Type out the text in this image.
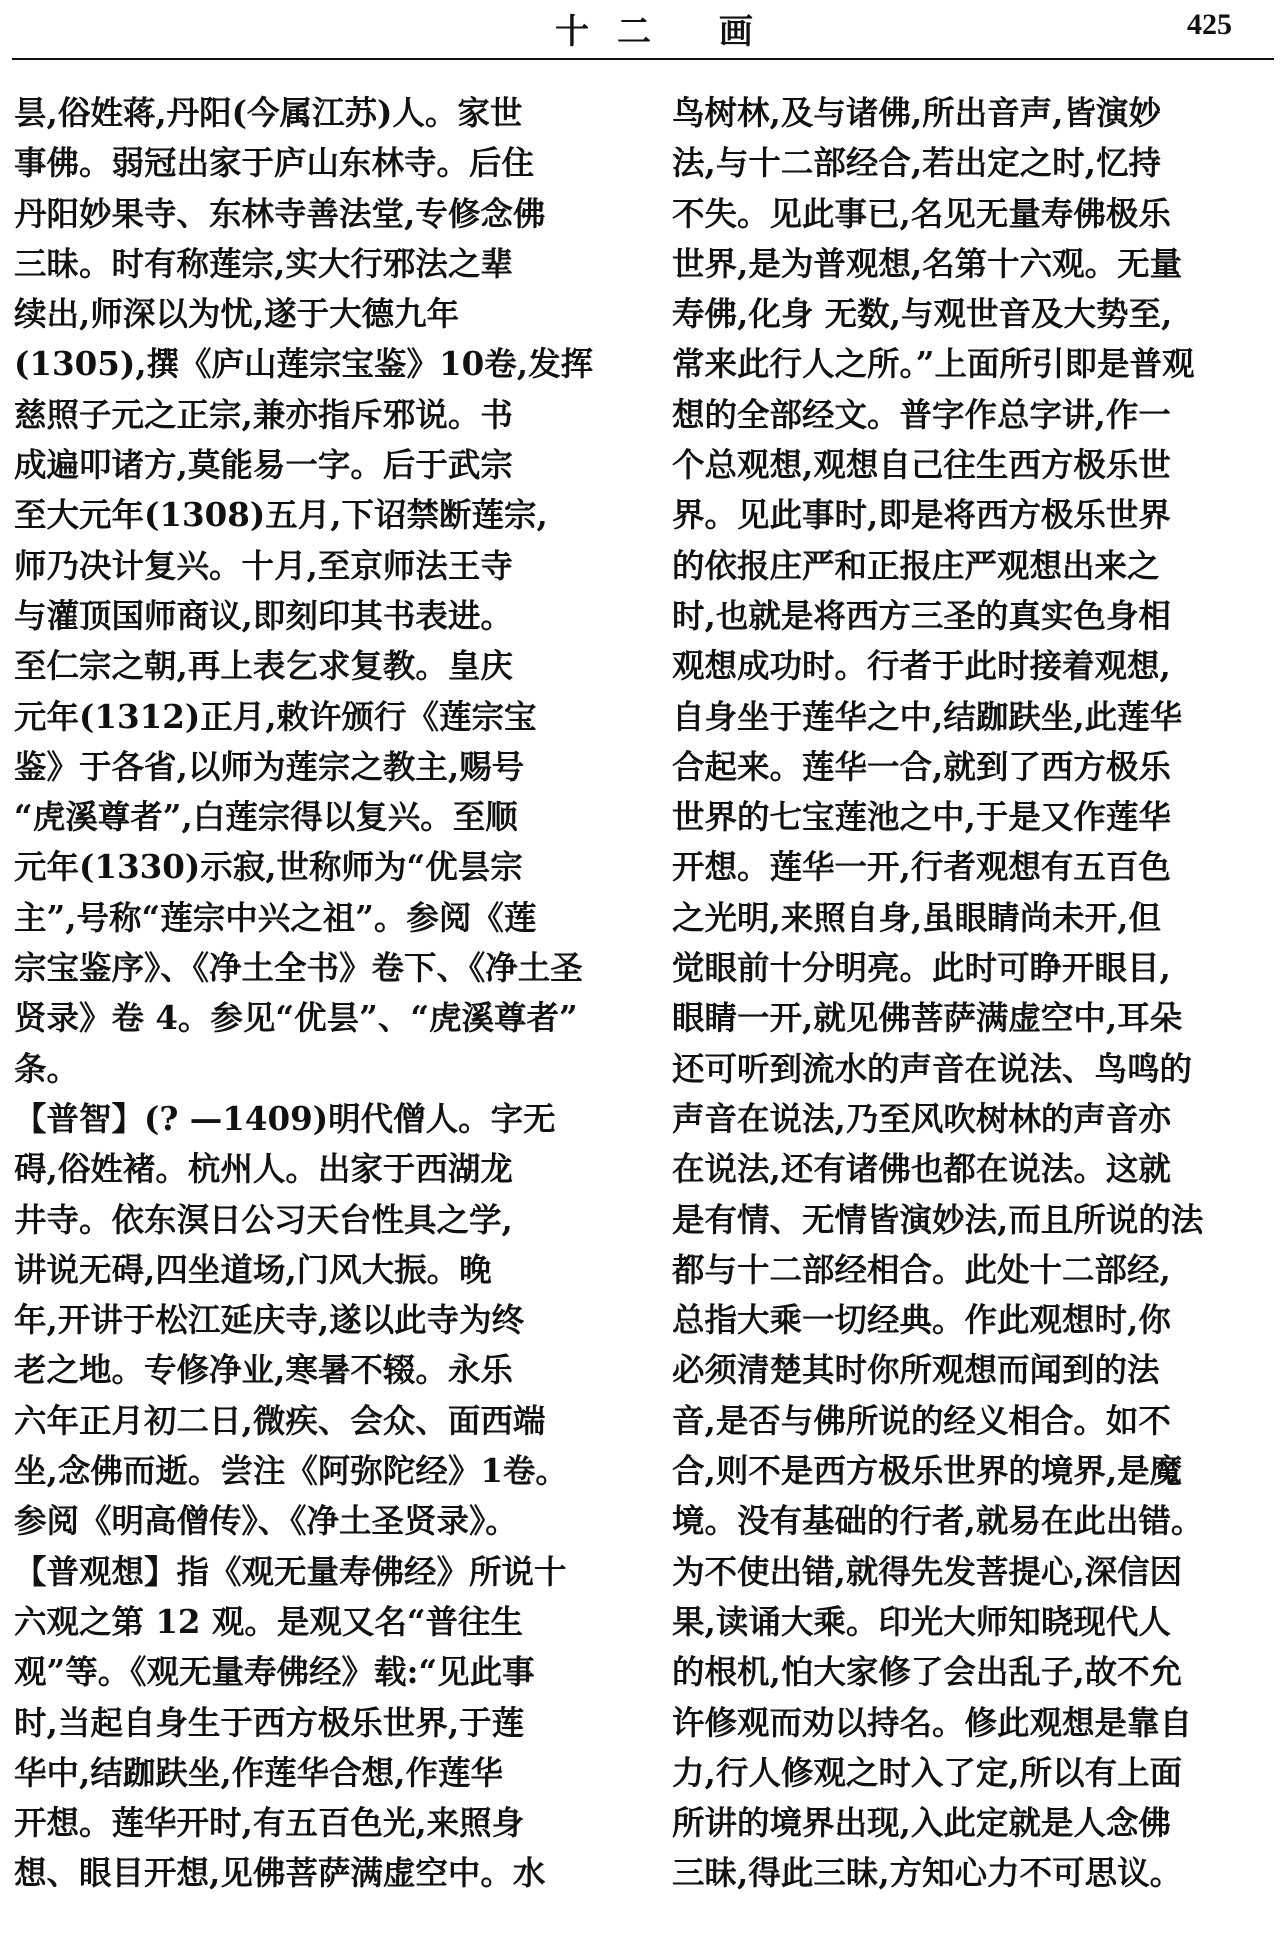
十二 画	425
昙,俗姓蒋,丹阳(今属江苏)人。家世
事佛。弱冠出家于庐山东林寺。后住
丹阳妙果寺、东林寺善法堂,专修念佛
三昧。时有称莲宗,实大行邪法之辈
续出,师深以为忧,遂于大德九年
(1305),撰《庐山莲宗宝鉴》10卷,发挥
慈照子元之正宗,兼亦指斥邪说。书
成遍叩诸方,莫能易一字。后于武宗
至大元年(1308)五月,下诏禁断莲宗,
师乃决计复兴。十月,至京师法王寺
与灌顶国师商议,即刻印其书表进。
至仁宗之朝,再上表乞求复教。皇庆
元年(1312)正月,敕许颁行《莲宗宝
鉴》于各省,以师为莲宗之教主,赐号
“虎溪尊者”,白莲宗得以复兴。至顺
元年(1330)示寂,世称师为“优昙宗
主”,号称“莲宗中兴之祖”。参阅《莲
宗宝鉴序》、《净土全书》卷下、《净土圣
贤录》卷 4。参见“优昙”、“虎溪尊者”
条。
【普智】(? —1409)明代僧人。字无
碍,俗姓褚。杭州人。出家于西湖龙
井寺。依东溟日公习天台性具之学,
讲说无碍,四坐道场,门风大振。晚
年,开讲于松江延庆寺,遂以此寺为终
老之地。专修净业,寒暑不辍。永乐
六年正月初二日,微疾、会众、面西端
坐,念佛而逝。尝注《阿弥陀经》1卷。
参阅《明高僧传》、《净土圣贤录》。
【普观想】指《观无量寿佛经》所说十
六观之第 12 观。是观又名“普往生
观”等。《观无量寿佛经》载:“见此事
时,当起自身生于西方极乐世界,于莲
华中,结跏趺坐,作莲华合想,作莲华
开想。莲华开时,有五百色光,来照身
想、眼目开想,见佛菩萨满虚空中。水
鸟树林,及与诸佛,所出音声,皆演妙
法,与十二部经合,若出定之时,忆持
不失。见此事已,名见无量寿佛极乐
世界,是为普观想,名第十六观。无量
寿佛,化身 无数,与观世音及大势至,
常来此行人之所。”上面所引即是普观
想的全部经文。普字作总字讲,作一
个总观想,观想自己往生西方极乐世
界。见此事时,即是将西方极乐世界
的依报庄严和正报庄严观想出来之
时,也就是将西方三圣的真实色身相
观想成功时。行者于此时接着观想,
自身坐于莲华之中,结跏趺坐,此莲华
合起来。莲华一合,就到了西方极乐
世界的七宝莲池之中,于是又作莲华
开想。莲华一开,行者观想有五百色
之光明,来照自身,虽眼睛尚未开,但
觉眼前十分明亮。此时可睁开眼目,
眼睛一开,就见佛菩萨满虚空中,耳朵
还可听到流水的声音在说法、鸟鸣的
声音在说法,乃至风吹树林的声音亦
在说法,还有诸佛也都在说法。这就
是有情、无情皆演妙法,而且所说的法
都与十二部经相合。此处十二部经,
总指大乘一切经典。作此观想时,你
必须清楚其时你所观想而闻到的法
音,是否与佛所说的经义相合。如不
合,则不是西方极乐世界的境界,是魔
境。没有基础的行者,就易在此出错。
为不使出错,就得先发菩提心,深信因
果,读诵大乘。印光大师知晓现代人
的根机,怕大家修了会出乱子,故不允
许修观而劝以持名。修此观想是靠自
力,行人修观之时入了定,所以有上面
所讲的境界出现,入此定就是人念佛
三昧,得此三昧,方知心力不可思议。
